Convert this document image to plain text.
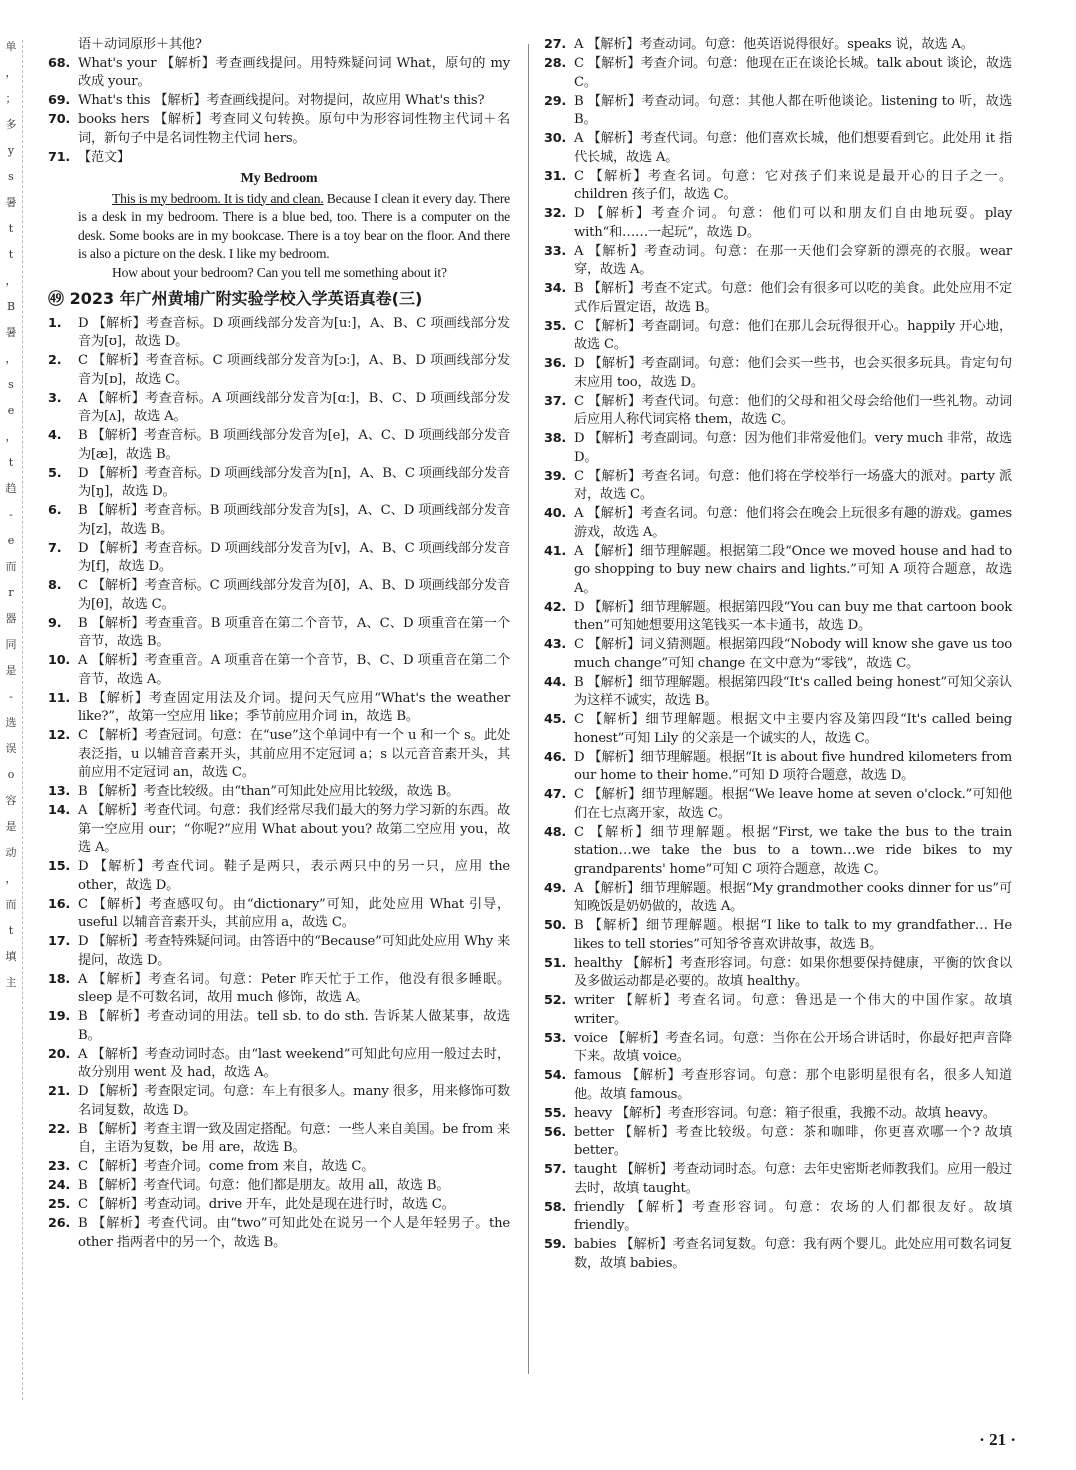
单
，
；
多
y
s
暑
t
t
，
B
暑
，
s
e
，
t
趋
-
e
而
r
器
同
是
-
选
误
o
容
是
动
，
而
t
填
主
语＋动词原形＋其他?
68. What's your 【解析】考查画线提问。用特殊疑问词 What，原句的 my 改成 your。
69. What's this 【解析】考查画线提问。对物提问，故应用 What's this?
70. books hers 【解析】考查同义句转换。原句中为形容词性物主代词＋名词，新句子中是名词性物主代词 hers。
71. 【范文】
My Bedroom

This is my bedroom. It is tidy and clean. Because I clean it every day. There is a desk in my bedroom. There is a blue bed, too. There is a computer on the desk. Some books are in my bookcase. There is a toy bear on the floor. And there is also a picture on the desk. I like my bedroom.

How about your bedroom? Can you tell me something about it?

㊾ 2023 年广州黄埔广附实验学校入学英语真卷(三)
1. D 【解析】考查音标。D 项画线部分发音为[uː]，A、B、C 项画线部分发音为[ʊ]，故选 D。
2. C 【解析】考查音标。C 项画线部分发音为[ɔː]，A、B、D 项画线部分发音为[ɒ]，故选 C。
3. A 【解析】考查音标。A 项画线部分发音为[ɑː]，B、C、D 项画线部分发音为[ʌ]，故选 A。
4. B 【解析】考查音标。B 项画线部分发音为[e]，A、C、D 项画线部分发音为[æ]，故选 B。
5. D 【解析】考查音标。D 项画线部分发音为[n]，A、B、C 项画线部分发音为[ŋ]，故选 D。
6. B 【解析】考查音标。B 项画线部分发音为[s]，A、C、D 项画线部分发音为[z]，故选 B。
7. D 【解析】考查音标。D 项画线部分发音为[v]，A、B、C 项画线部分发音为[f]，故选 D。
8. C 【解析】考查音标。C 项画线部分发音为[ð]，A、B、D 项画线部分发音为[θ]，故选 C。
9. B 【解析】考查重音。B 项重音在第二个音节，A、C、D 项重音在第一个音节，故选 B。
10. A 【解析】考查重音。A 项重音在第一个音节，B、C、D 项重音在第二个音节，故选 A。
11. B 【解析】考查固定用法及介词。提问天气应用“What's the weather like?”，故第一空应用 like；季节前应用介词 in，故选 B。
12. C 【解析】考查冠词。句意：在“use”这个单词中有一个 u 和一个 s。此处表泛指，u 以辅音音素开头，其前应用不定冠词 a；s 以元音音素开头，其前应用不定冠词 an，故选 C。
13. B 【解析】考查比较级。由“than”可知此处应用比较级，故选 B。
14. A 【解析】考查代词。句意：我们经常尽我们最大的努力学习新的东西。故第一空应用 our；“你呢?”应用 What about you? 故第二空应用 you，故选 A。
15. D 【解析】考查代词。鞋子是两只，表示两只中的另一只，应用 the other，故选 D。
16. C 【解析】考查感叹句。由“dictionary”可知，此处应用 What 引导，useful 以辅音音素开头，其前应用 a，故选 C。
17. D 【解析】考查特殊疑问词。由答语中的“Because”可知此处应用 Why 来提问，故选 D。
18. A 【解析】考查名词。句意：Peter 昨天忙于工作，他没有很多睡眠。sleep 是不可数名词，故用 much 修饰，故选 A。
19. B 【解析】考查动词的用法。tell sb. to do sth. 告诉某人做某事，故选 B。
20. A 【解析】考查动词时态。由“last weekend”可知此句应用一般过去时，故分别用 went 及 had，故选 A。
21. D 【解析】考查限定词。句意：车上有很多人。many 很多，用来修饰可数名词复数，故选 D。
22. B 【解析】考查主谓一致及固定搭配。句意：一些人来自美国。be from 来自，主语为复数，be 用 are，故选 B。
23. C 【解析】考查介词。come from 来自，故选 C。
24. B 【解析】考查代词。句意：他们都是朋友。故用 all，故选 B。
25. C 【解析】考查动词。drive 开车，此处是现在进行时，故选 C。
26. B 【解析】考查代词。由“two”可知此处在说另一个人是年轻男子。the other 指两者中的另一个，故选 B。
27. A 【解析】考查动词。句意：他英语说得很好。speaks 说，故选 A。
28. C 【解析】考查介词。句意：他现在正在谈论长城。talk about 谈论，故选 C。
29. B 【解析】考查动词。句意：其他人都在听他谈论。listening to 听，故选 B。
30. A 【解析】考查代词。句意：他们喜欢长城，他们想要看到它。此处用 it 指代长城，故选 A。
31. C 【解析】考查名词。句意：它对孩子们来说是最开心的日子之一。children 孩子们，故选 C。
32. D 【解析】考查介词。句意：他们可以和朋友们自由地玩耍。play with“和……一起玩”，故选 D。
33. A 【解析】考查动词。句意：在那一天他们会穿新的漂亮的衣服。wear 穿，故选 A。
34. B 【解析】考查不定式。句意：他们会有很多可以吃的美食。此处应用不定式作后置定语，故选 B。
35. C 【解析】考查副词。句意：他们在那儿会玩得很开心。happily 开心地，故选 C。
36. D 【解析】考查副词。句意：他们会买一些书，也会买很多玩具。肯定句句末应用 too，故选 D。
37. C 【解析】考查代词。句意：他们的父母和祖父母会给他们一些礼物。动词后应用人称代词宾格 them，故选 C。
38. D 【解析】考查副词。句意：因为他们非常爱他们。very much 非常，故选 D。
39. C 【解析】考查名词。句意：他们将在学校举行一场盛大的派对。party 派对，故选 C。
40. A 【解析】考查名词。句意：他们将会在晚会上玩很多有趣的游戏。games 游戏，故选 A。
41. A 【解析】细节理解题。根据第二段“Once we moved house and had to go shopping to buy new chairs and lights.”可知 A 项符合题意，故选 A。
42. D 【解析】细节理解题。根据第四段“You can buy me that cartoon book then”可知她想要用这笔钱买一本卡通书，故选 D。
43. C 【解析】词义猜测题。根据第四段“Nobody will know she gave us too much change”可知 change 在文中意为“零钱”，故选 C。
44. B 【解析】细节理解题。根据第四段“It's called being honest”可知父亲认为这样不诚实，故选 B。
45. C 【解析】细节理解题。根据文中主要内容及第四段“It's called being honest”可知 Lily 的父亲是一个诚实的人，故选 C。
46. D 【解析】细节理解题。根据“It is about five hundred kilometers from our home to their home.”可知 D 项符合题意，故选 D。
47. C 【解析】细节理解题。根据“We leave home at seven o'clock.”可知他们在七点离开家，故选 C。
48. C 【解析】细节理解题。根据“First, we take the bus to the train station…we take the bus to a town…we ride bikes to my grandparents' home”可知 C 项符合题意，故选 C。
49. A 【解析】细节理解题。根据“My grandmother cooks dinner for us”可知晚饭是奶奶做的，故选 A。
50. B 【解析】细节理解题。根据“I like to talk to my grandfather… He likes to tell stories”可知爷爷喜欢讲故事，故选 B。
51. healthy 【解析】考查形容词。句意：如果你想要保持健康，平衡的饮食以及多做运动都是必要的。故填 healthy。
52. writer 【解析】考查名词。句意：鲁迅是一个伟大的中国作家。故填 writer。
53. voice 【解析】考查名词。句意：当你在公开场合讲话时，你最好把声音降下来。故填 voice。
54. famous 【解析】考查形容词。句意：那个电影明星很有名，很多人知道他。故填 famous。
55. heavy 【解析】考查形容词。句意：箱子很重，我搬不动。故填 heavy。
56. better 【解析】考查比较级。句意：茶和咖啡，你更喜欢哪一个? 故填 better。
57. taught 【解析】考查动词时态。句意：去年史密斯老师教我们。应用一般过去时，故填 taught。
58. friendly 【解析】考查形容词。句意：农场的人们都很友好。故填 friendly。
59. babies 【解析】考查名词复数。句意：我有两个婴儿。此处应用可数名词复数，故填 babies。
· 21 ·
